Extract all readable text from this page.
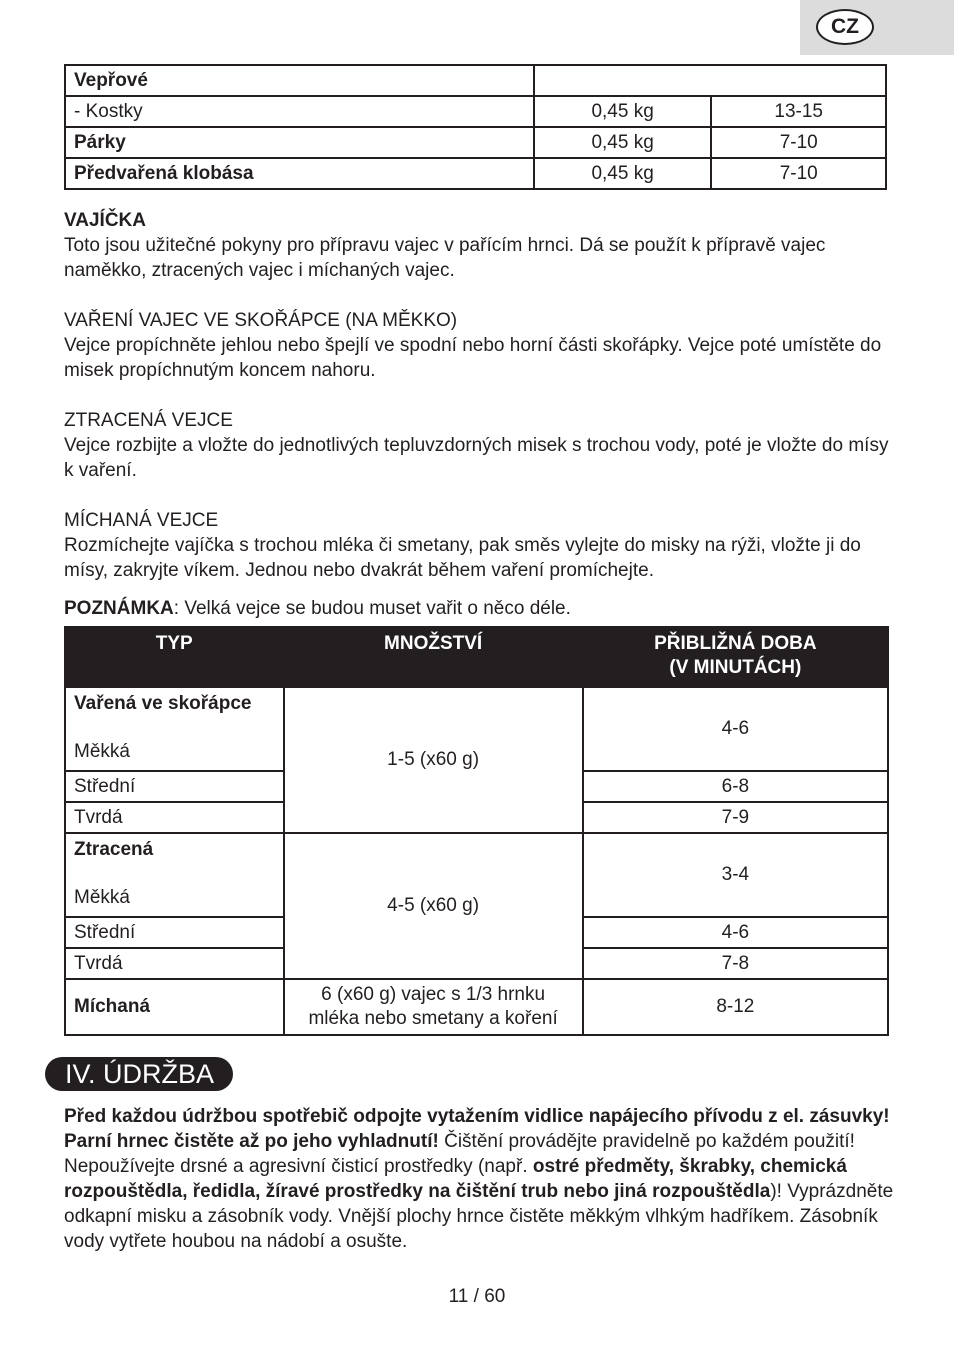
CZ
Vepřové		
- Kostky	0,45 kg	13-15
Párky	0,45 kg	7-10
Předvařená klobása	0,45 kg	7-10

VAJÍČKA

Toto jsou užitečné pokyny pro přípravu vajec v pařícím hrnci. Dá se použít k přípravě vajec naměkko, ztracených vajec i míchaných vajec.

VAŘENÍ VAJEC VE SKOŘÁPCE (NA MĚKKO)

Vejce propíchněte jehlou nebo špejlí ve spodní nebo horní části skořápky. Vejce poté umístěte do misek propíchnutým koncem nahoru.

ZTRACENÁ VEJCE

Vejce rozbijte a vložte do jednotlivých tepluvzdorných misek s trochou vody, poté je vložte do mísy k vaření.

MÍCHANÁ VEJCE

Rozmíchejte vajíčka s trochou mléka či smetany, pak směs vylejte do misky na rýži, vložte ji do mísy, zakryjte víkem. Jednou nebo dvakrát během vaření promíchejte.

POZNÁMKA: Velká vejce se budou muset vařit o něco déle.

TYP	MNOŽSTVÍ	PŘIBLIŽNÁ DOBA
(V MINUTÁCH)
Vařená ve skořápce

Měkká	1-5 (x60 g)	4-6
Střední		6-8
Tvrdá		7-9
Ztracená

Měkká	4-5 (x60 g)	3-4
Střední		4-6
Tvrdá		7-8
Míchaná	6 (x60 g) vajec s 1/3 hrnku
mléka nebo smetany a koření	8-12
IV. ÚDRŽBA

Před každou údržbou spotřebič odpojte vytažením vidlice napájecího přívodu z el. zásuvky! Parní hrnec čistěte až po jeho vyhladnutí! Čištění provádějte pravidelně po každém použití! Nepoužívejte drsné a agresivní čisticí prostředky (např. ostré předměty, škrabky, chemická rozpouštědla, ředidla, žíravé prostředky na čištění trub nebo jiná rozpouštědla)! Vyprázdněte odkapní misku a zásobník vody. Vnější plochy hrnce čistěte měkkým vlhkým hadříkem. Zásobník vody vytřete houbou na nádobí a osušte.

11 / 60
